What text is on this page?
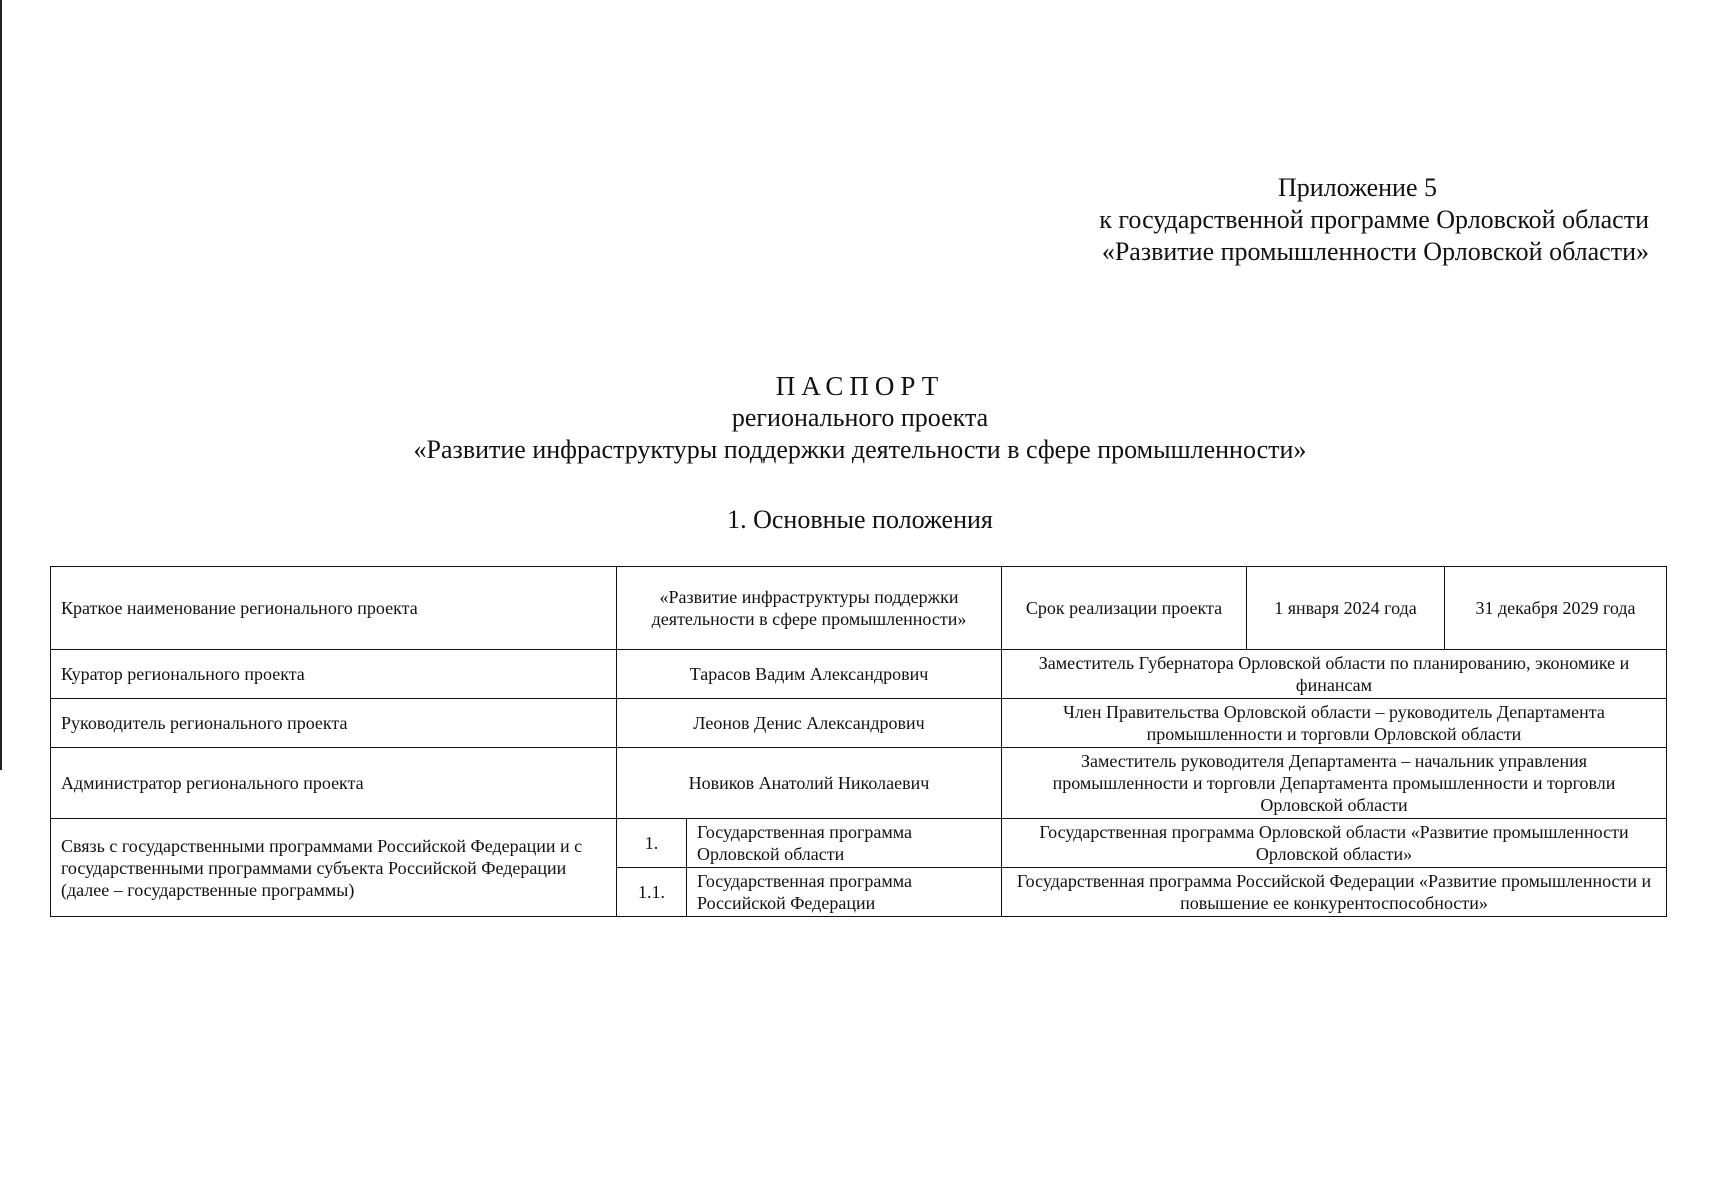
Приложение 5
к государственной программе Орловской области
«Развитие промышленности Орловской области»
ПАСПОРТ
регионального проекта
«Развитие инфраструктуры поддержки деятельности в сфере промышленности»
1. Основные положения
Краткое наименование регионального проекта	«Развитие инфраструктуры поддержки деятельности в сфере промышленности»		Срок реализации проекта	1 января 2024 года	31 декабря 2029 года
Куратор регионального проекта	Тарасов Вадим Александрович		Заместитель Губернатора Орловской области по планированию, экономике и финансам		
Руководитель регионального проекта	Леонов Денис Александрович		Член Правительства Орловской области – руководитель Департамента промышленности и торговли Орловской области		
Администратор регионального проекта	Новиков Анатолий Николаевич		Заместитель руководителя Департамента – начальник управления промышленности и торговли Департамента промышленности и торговли Орловской области		
Связь с государственными программами Российской Федерации и с государственными программами субъекта Российской Федерации (далее – государственные программы)	1.	Государственная программа Орловской области	Государственная программа Орловской области «Развитие промышленности Орловской области»		
	1.1.	Государственная программа Российской Федерации	Государственная программа Российской Федерации «Развитие промышленности и повышение ее конкурентоспособности»		
